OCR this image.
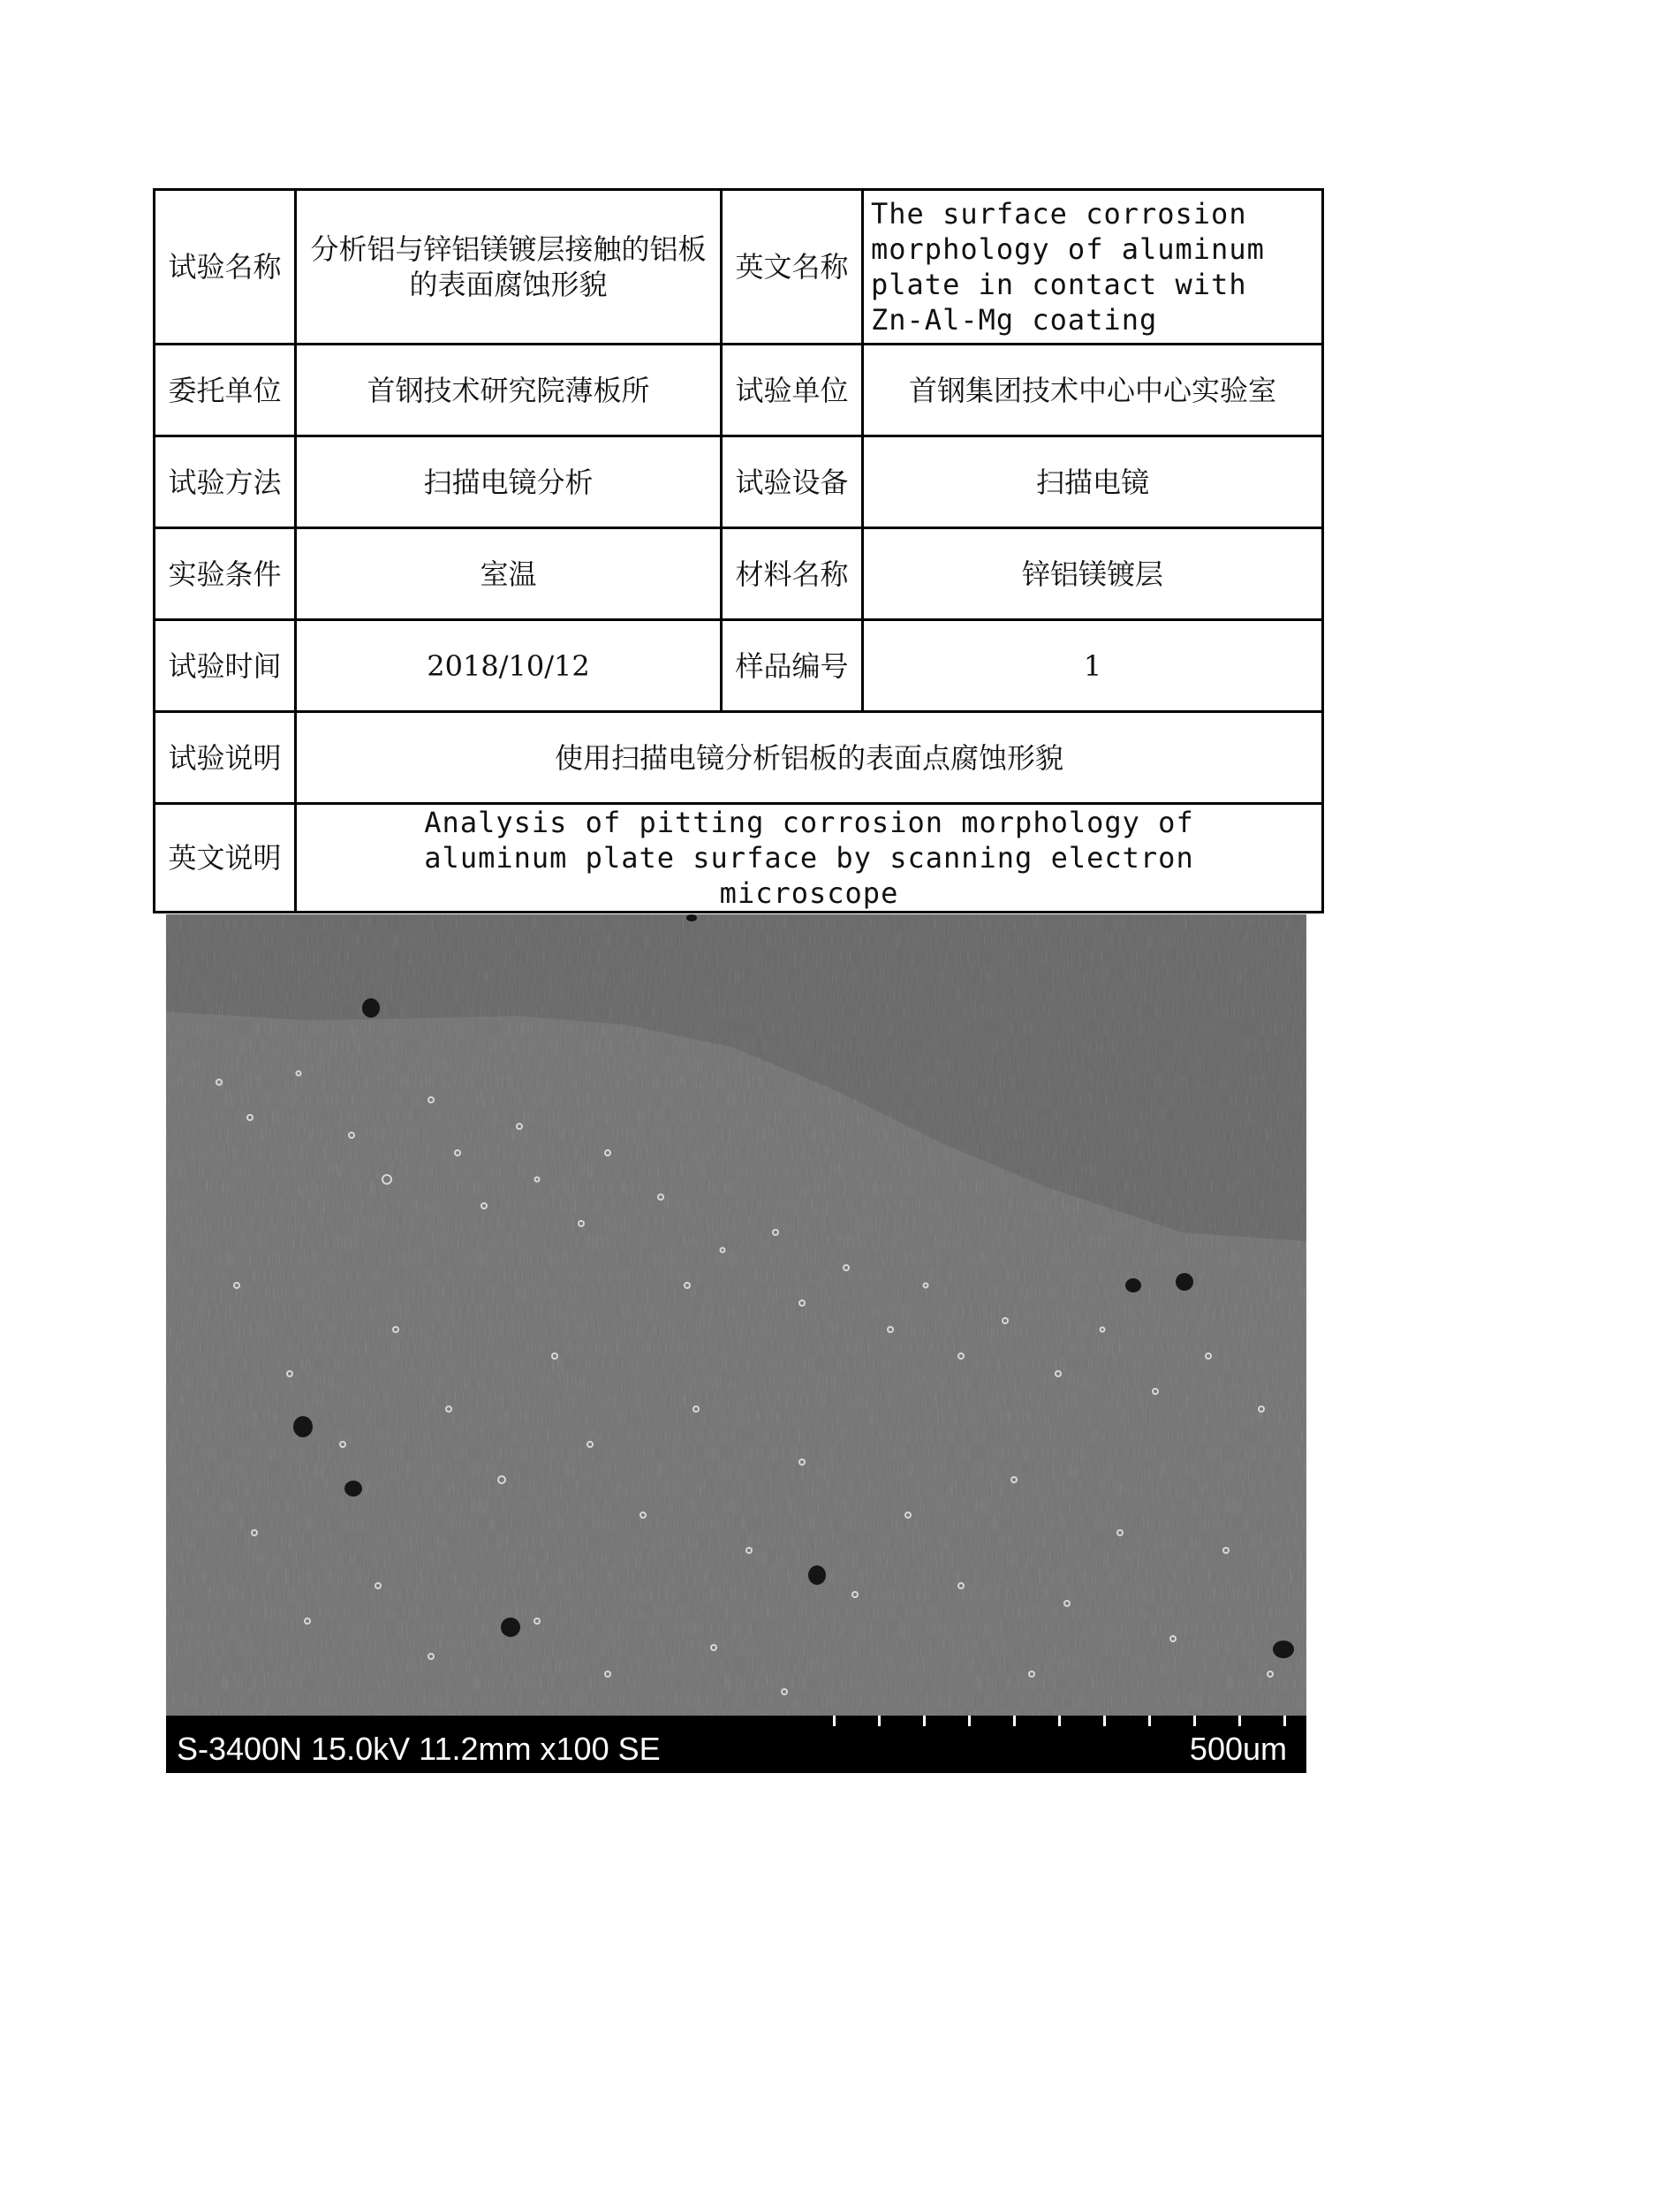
试验名称	分析铝与锌铝镁镀层接触的铝板的表面腐蚀形貌	英文名称	The surface corrosion morphology of aluminum plate in contact with Zn-Al-Mg coating
委托单位	首钢技术研究院薄板所	试验单位	首钢集团技术中心中心实验室
试验方法	扫描电镜分析	试验设备	扫描电镜
实验条件	室温	材料名称	锌铝镁镀层
试验时间	2018/10/12	样品编号	1
试验说明	使用扫描电镜分析铝板的表面点腐蚀形貌		
英文说明	Analysis of pitting corrosion morphology of aluminum plate surface by scanning electron microscope		
S-3400N 15.0kV 11.2mm x100 SE	500um
